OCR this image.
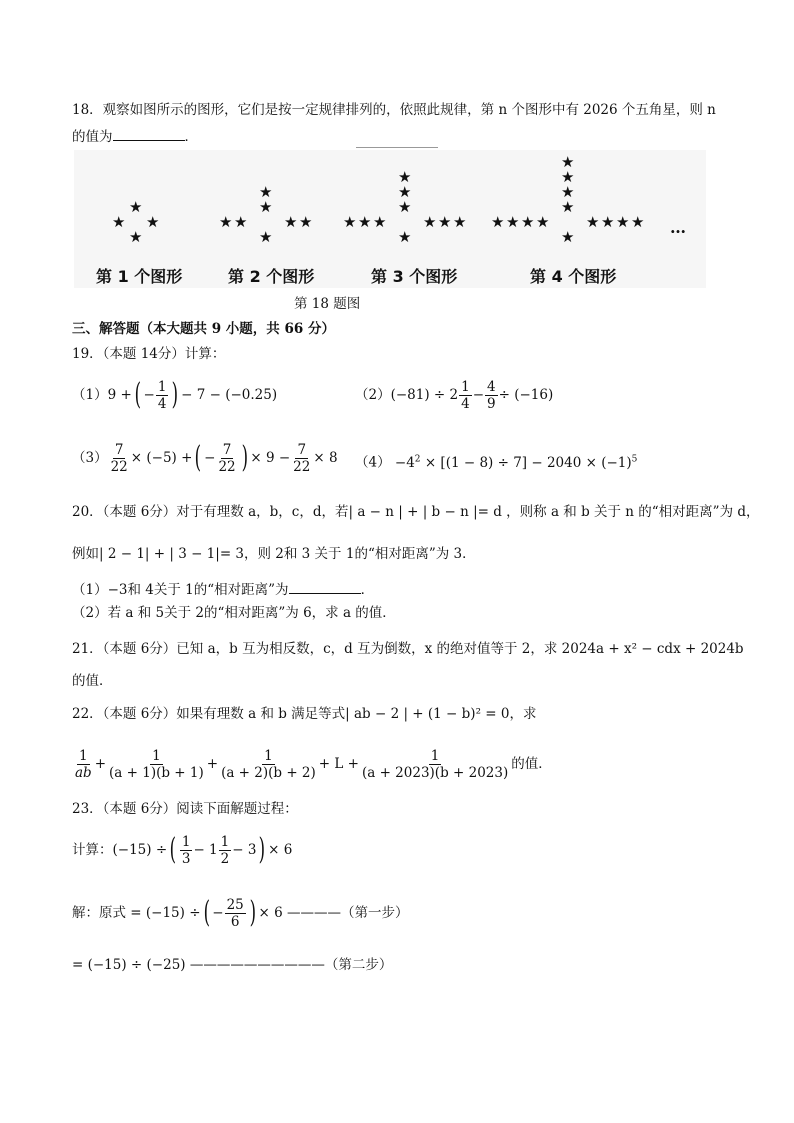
18．观察如图所示的图形，它们是按一定规律排列的，依照此规律，第 n 个图形中有 2026 个五角星，则 n
的值为	．
★
★ ★
★
★
★
★ ★
★	★
★
★
★
★
★ ★
★	★
★	★
★
★
★
★
★
★ ★
★	★
★	★
★	★
★
第 1 个图形	第 2 个图形	第 3 个图形	第 4 个图形
…
第 18 题图
三、解答题（本大题共 9 小题，共 66 分）
19．（本题 14分）计算：
（1） 9 + ( − $\frac{1}{4}$ ) − 7 − (−0.25)	（2） $(-81) \div 2 \frac{1}{4} - \frac{4}{9} \div (-16)$
$(3) \frac{7}{22} \times (-5)$ + ( − $\frac{7}{22}$ ) × $9 - \frac{7}{22} \times 8$ $(4) -4^2 \times [(1 - 8) \div 7] - 2040 \times (-1)^5$
20．（本题 6分）对于有理数 a，b，c，d，若| a − n | + | b − n |= d ，则称 a 和 b 关于 n 的“相对距离”为 d，
例如| 2 − 1| + | 3 − 1|= 3，则 2和 3 关于 1的“相对距离”为 3．
（1）−3和 4关于 1的“相对距离”为	．
（2）若 a 和 5关于 2的“相对距离”为 6，求 a 的值．
21．（本题 6分）已知 a，b 互为相反数，c，d 互为倒数，x 的绝对值等于 2，求 2024a + x² − cdx + 2024b
的值．
22．（本题 6分）如果有理数 a 和 b 满足等式| ab − 2 | + (1 − b)² = 0，求
$\frac{1}{ab} + \frac{1}{(a + 1)(b + 1)} + \frac{1}{(a + 2)(b + 2)} + L + \frac{1}{(a + 2023)(b + 2023)}$ 的值．
23．（本题 6分）阅读下面解题过程：
计算： (−15) ÷ ( $\frac{1}{3} - 1 \frac{1}{2} - 3$ ) × 6
解：原式 = (−15) ÷ ( − $\frac{25}{6}$ ) × 6 ————（第一步）
= (−15) ÷ (−25) ——————————（第二步）
